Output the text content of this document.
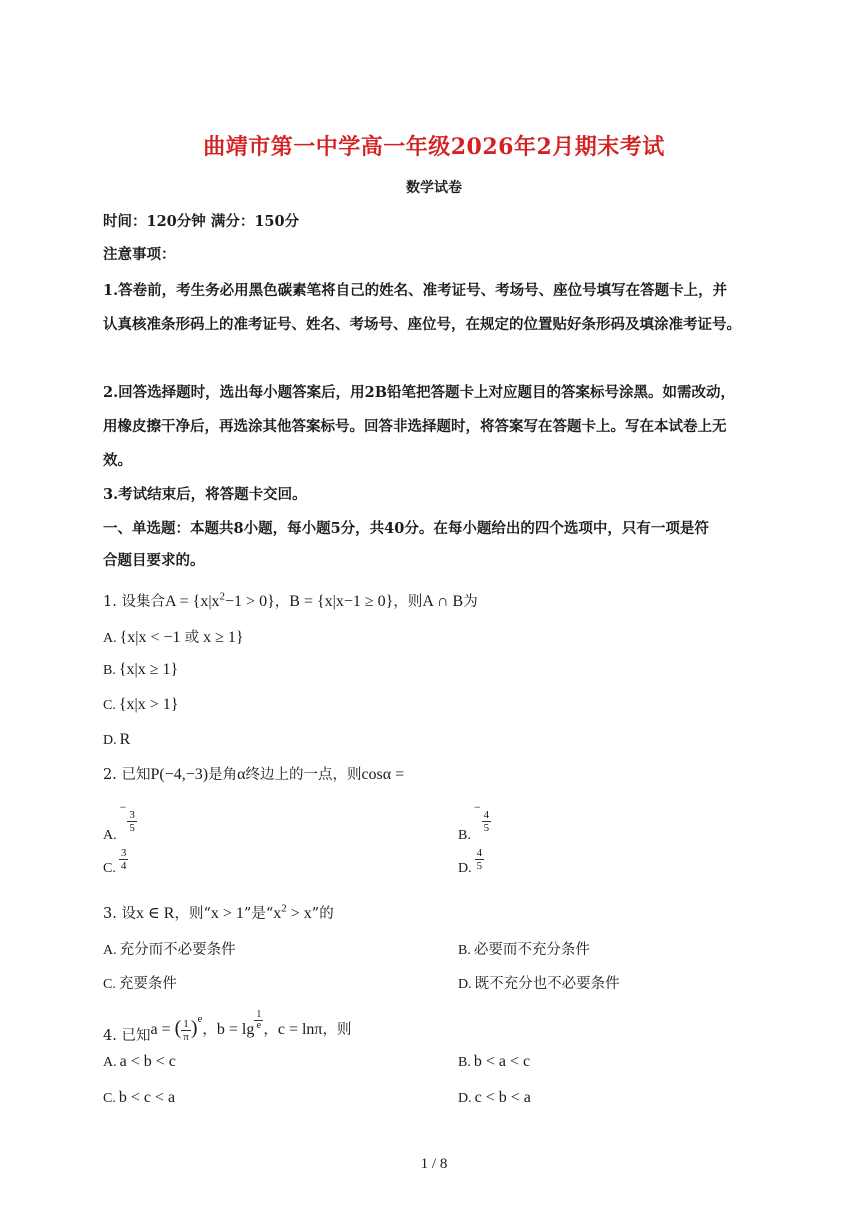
曲靖市第一中学高一年级2026年2月期末考试
数学试卷
时间：120分钟 满分：150分
注意事项：
1.答卷前，考生务必用黑色碳素笔将自己的姓名、准考证号、考场号、座位号填写在答题卡上，并
认真核准条形码上的准考证号、姓名、考场号、座位号，在规定的位置贴好条形码及填涂准考证号。
2.回答选择题时，选出每小题答案后，用2B铅笔把答题卡上对应题目的答案标号涂黑。如需改动，
用橡皮擦干净后，再选涂其他答案标号。回答非选择题时，将答案写在答题卡上。写在本试卷上无
效。
3.考试结束后，将答题卡交回。
一、单选题：本题共8小题，每小题5分，共40分。在每小题给出的四个选项中，只有一项是符
合题目要求的。
1. 设集合$A = \{x|x^2-1 > 0\}$，B = {x|x−1 ≥ 0}，则A ∩ B为
A. {x|x < −1 或 x ≥ 1}
B. {x|x ≥ 1}
C. {x|x > 1}
D. R
2. 已知P(−4,−3)是角α终边上的一点，则cosα =
A.−
$\frac{3}{5}$
B.−
$\frac{4}{5}$
C. $\frac{3}{4}$	D. $\frac{4}{5}$
3. 设x ∈ R，则“x > 1”是“$x^2 > x$”的
A. 充分而不必要条件	B. 必要而不充分条件
C. 充要条件	D. 既不充分也不必要条件
4. 已知a = ( $\frac{1}{\pi} )^e$，$b = \lg \frac{1}{e}$ ，c = lnπ，则
A. a < b < c	B. b < a < c
C. b < c < a	D. c < b < a
1 / 8
